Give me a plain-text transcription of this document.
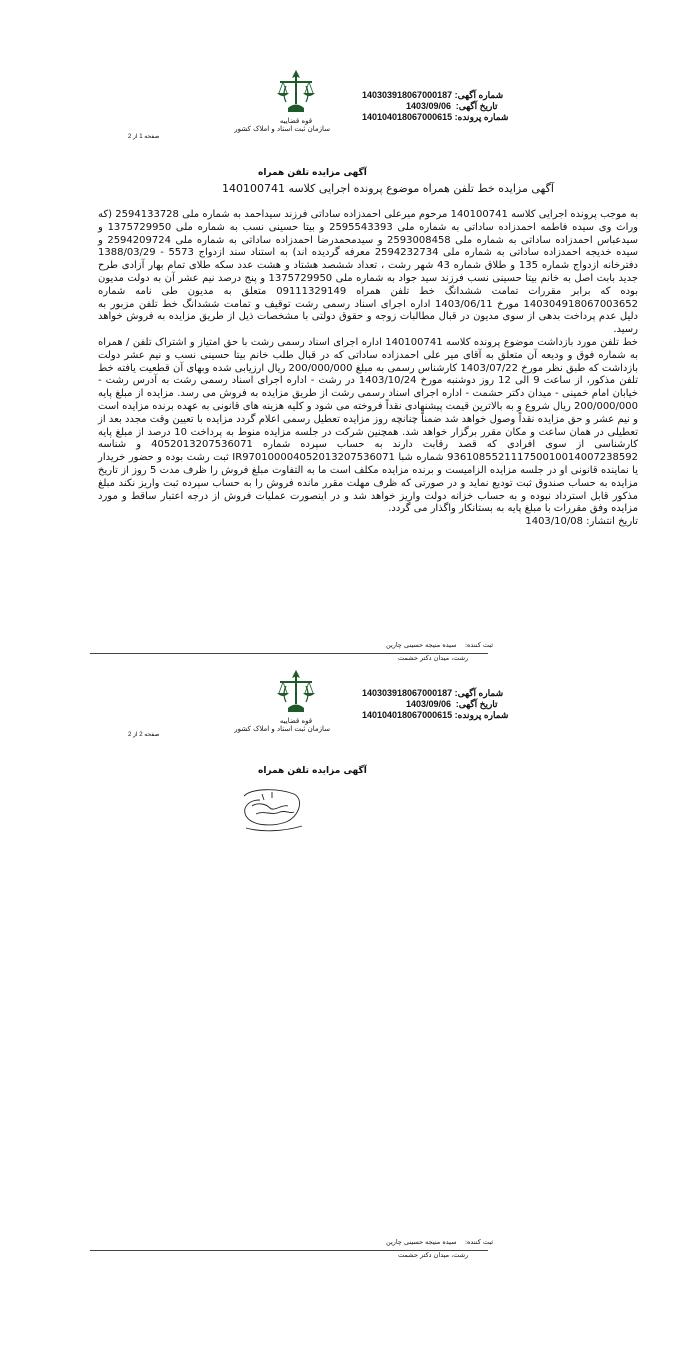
140303918067000187 شماره آگهی:
1403/09/06 تاریخ آگهی:
140104018067000615 شماره پرونده:
قوه قضاییه
سازمان ثبت اسناد و املاک کشور
صفحه 1 از 2
آگهی مزایده تلفن همراه
آگهی مزایده خط تلفن همراه موضوع پرونده اجرایی کلاسه 140100741

به موجب پرونده اجرایی کلاسه 140100741 مرحوم میرعلی احمدزاده ساداتی فرزند سیداحمد به شماره ملی 2594133728 (که وراث وی سیده فاطمه احمدزاده ساداتی به شماره ملی 2595543393 و بیتا حسینی نسب به شماره ملی 1375729950 و سیدعباس احمدزاده ساداتی به شماره ملی 2593008458 و سیدمحمدرضا احمدزاده ساداتی به شماره ملی 2594209724 و سیده خدیجه احمدزاده ساداتی به شماره ملی 2594232734 معرفه گردیده اند) به استناد سند ازدواج 5573 - 1388/03/29 دفترخانه ازدواج شماره 135 و طلاق شماره 43 شهر رشت ، تعداد ششصد هشتاد و هشت عدد سکه طلای تمام بهار آزادی طرح جدید بابت اصل به خانم بیتا حسینی نسب فرزند سید جواد به شماره ملی 1375729950 و پنج درصد نیم عشر آن به دولت مدیون بوده که برابر مقررات تمامت ششدانگ خط تلفن همراه 09111329149 متعلق به مدیون طی نامه شماره 140304918067003652 مورخ 1403/06/11 اداره اجرای اسناد رسمی رشت توقیف و تمامت ششدانگ خط تلفن مزبور به دلیل عدم پرداخت بدهی از سوی مدیون در قبال مطالبات زوجه و حقوق دولتی با مشخصات ذیل از طریق مزایده به فروش خواهد رسید.

خط تلفن مورد بازداشت موضوع پرونده کلاسه 140100741 اداره اجرای اسناد رسمی رشت با حق امتیاز و اشتراک تلفن / همراه به شماره فوق و ودیعه آن متعلق به آقای میر علی احمدزاده ساداتی که در قبال طلب خانم بیتا حسینی نسب و نیم عشر دولت بازداشت که طبق نظر مورخ 1403/07/22 کارشناس رسمی به مبلغ 200/000/000 ریال ارزیابی شده وبهای آن قطعیت یافته خط تلفن مذکور، از ساعت 9 الی 12 روز دوشنبه مورخ 1403/10/24 در رشت - اداره اجرای اسناد رسمی رشت به آدرس رشت - خیابان امام خمینی - میدان دکتر حشمت - اداره اجرای اسناد رسمی رشت از طریق مزایده به فروش می رسد. مزایده از مبلغ پایه 200/000/000 ریال شروع و به بالاترین قیمت پیشنهادی نقداً فروخته می شود و کلیه هزینه های قانونی به عهده برنده مزایده است و نیم عشر و حق مزایده نقداً وصول خواهد شد ضمناً چنانچه روز مزایده تعطیل رسمی اعلام گردد مزایده با تعیین وقت مجدد بعد از تعطیلی در همان ساعت و مکان مقرر برگزار خواهد شد. همچنین شرکت در جلسه مزایده منوط به پرداخت 10 درصد از مبلغ پایه کارشناسی از سوی افرادی که قصد رقابت دارند به حساب سپرده شماره 4052013207536071 و شناسه 936108552111750010014007238592 شماره شبا IR970100004052013207536071 ثبت رشت بوده و حضور خریدار یا نماینده قانونی او در جلسه مزایده الزامیست و برنده مزایده مکلف است ما به التفاوت مبلغ فروش را ظرف مدت 5 روز از تاریخ مزایده به حساب صندوق ثبت تودیع نماید و در صورتی که ظرف مهلت مقرر مانده فروش را به حساب سپرده ثبت واریز نکند مبلغ مذکور قابل استرداد نبوده و به حساب خزانه دولت واریز خواهد شد و در اینصورت عملیات فروش از درجه اعتبار ساقط و مورد مزایده وفق مقررات با مبلغ پایه به بستانکار واگذار می گردد.

تاریخ انتشار: 1403/10/08

سیده منیجه حسینی چارین ثبت کننده:
رشت، میدان دکتر حشمت
140303918067000187 شماره آگهی:
1403/09/06 تاریخ آگهی:
140104018067000615 شماره پرونده:
قوه قضاییه
سازمان ثبت اسناد و املاک کشور
صفحه 2 از 2
آگهی مزایده تلفن همراه
سیده منیجه حسینی چارین ثبت کننده:
رشت، میدان دکتر حشمت
